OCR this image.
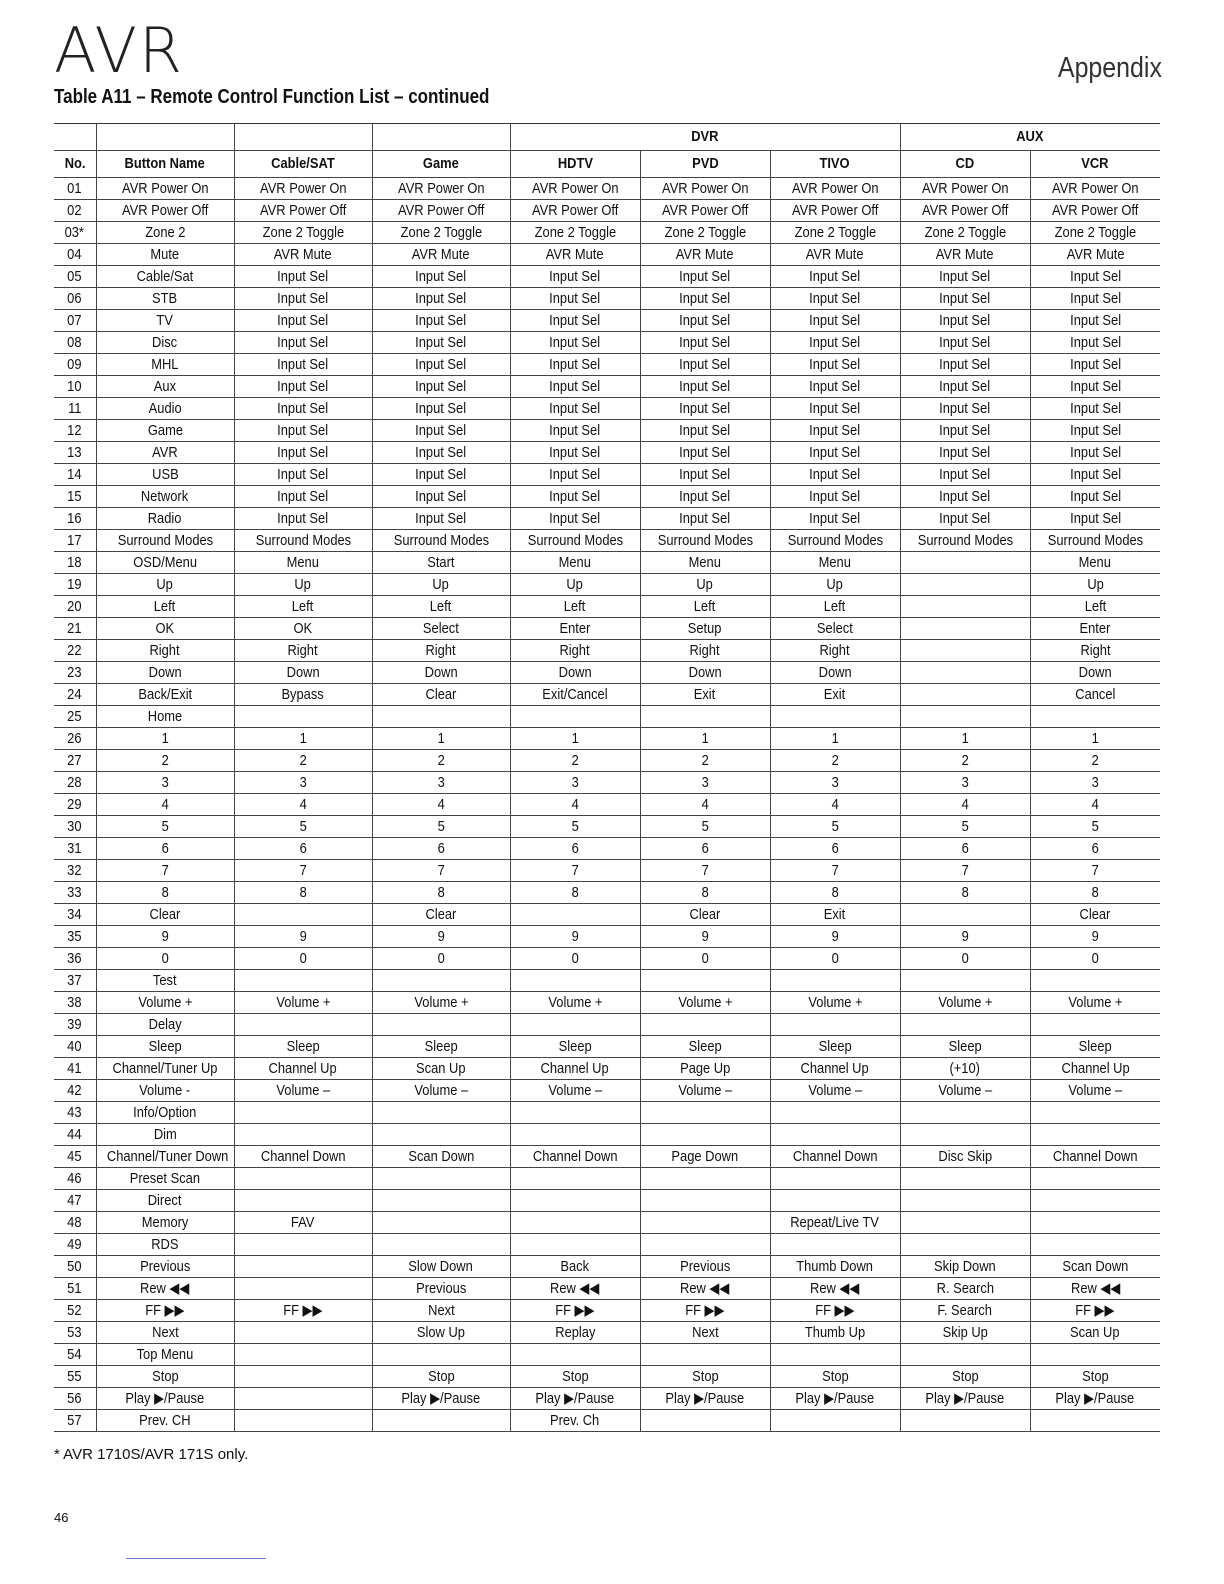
AVR	Appendix
Table A11 – Remote Control Function List – continued
				DVR			AUX	
No.	Button Name	Cable/SAT	Game	HDTV	PVD	TIVO	CD	VCR
01	AVR Power On	AVR Power On	AVR Power On	AVR Power On	AVR Power On	AVR Power On	AVR Power On	AVR Power On
02	AVR Power Off	AVR Power Off	AVR Power Off	AVR Power Off	AVR Power Off	AVR Power Off	AVR Power Off	AVR Power Off
03*	Zone 2	Zone 2 Toggle	Zone 2 Toggle	Zone 2 Toggle	Zone 2 Toggle	Zone 2 Toggle	Zone 2 Toggle	Zone 2 Toggle
04	Mute	AVR Mute	AVR Mute	AVR Mute	AVR Mute	AVR Mute	AVR Mute	AVR Mute
05	Cable/Sat	Input Sel	Input Sel	Input Sel	Input Sel	Input Sel	Input Sel	Input Sel
06	STB	Input Sel	Input Sel	Input Sel	Input Sel	Input Sel	Input Sel	Input Sel
07	TV	Input Sel	Input Sel	Input Sel	Input Sel	Input Sel	Input Sel	Input Sel
08	Disc	Input Sel	Input Sel	Input Sel	Input Sel	Input Sel	Input Sel	Input Sel
09	MHL	Input Sel	Input Sel	Input Sel	Input Sel	Input Sel	Input Sel	Input Sel
10	Aux	Input Sel	Input Sel	Input Sel	Input Sel	Input Sel	Input Sel	Input Sel
11	Audio	Input Sel	Input Sel	Input Sel	Input Sel	Input Sel	Input Sel	Input Sel
12	Game	Input Sel	Input Sel	Input Sel	Input Sel	Input Sel	Input Sel	Input Sel
13	AVR	Input Sel	Input Sel	Input Sel	Input Sel	Input Sel	Input Sel	Input Sel
14	USB	Input Sel	Input Sel	Input Sel	Input Sel	Input Sel	Input Sel	Input Sel
15	Network	Input Sel	Input Sel	Input Sel	Input Sel	Input Sel	Input Sel	Input Sel
16	Radio	Input Sel	Input Sel	Input Sel	Input Sel	Input Sel	Input Sel	Input Sel
17	Surround Modes	Surround Modes	Surround Modes	Surround Modes	Surround Modes	Surround Modes	Surround Modes	Surround Modes
18	OSD/Menu	Menu	Start	Menu	Menu	Menu		Menu
19	Up	Up	Up	Up	Up	Up		Up
20	Left	Left	Left	Left	Left	Left		Left
21	OK	OK	Select	Enter	Setup	Select		Enter
22	Right	Right	Right	Right	Right	Right		Right
23	Down	Down	Down	Down	Down	Down		Down
24	Back/Exit	Bypass	Clear	Exit/Cancel	Exit	Exit		Cancel
25	Home							
26	1	1	1	1	1	1	1	1
27	2	2	2	2	2	2	2	2
28	3	3	3	3	3	3	3	3
29	4	4	4	4	4	4	4	4
30	5	5	5	5	5	5	5	5
31	6	6	6	6	6	6	6	6
32	7	7	7	7	7	7	7	7
33	8	8	8	8	8	8	8	8
34	Clear		Clear		Clear	Exit		Clear
35	9	9	9	9	9	9	9	9
36	0	0	0	0	0	0	0	0
37	Test							
38	Volume +	Volume +	Volume +	Volume +	Volume +	Volume +	Volume +	Volume +
39	Delay							
40	Sleep	Sleep	Sleep	Sleep	Sleep	Sleep	Sleep	Sleep
41	Channel/Tuner Up	Channel Up	Scan Up	Channel Up	Page Up	Channel Up	(+10)	Channel Up
42	Volume -	Volume –	Volume –	Volume –	Volume –	Volume –	Volume –	Volume –
43	Info/Option							
44	Dim							
45	Channel/Tuner Down	Channel Down	Scan Down	Channel Down	Page Down	Channel Down	Disc Skip	Channel Down
46	Preset Scan							
47	Direct							
48	Memory	FAV				Repeat/Live TV		
49	RDS							
50	Previous		Slow Down	Back	Previous	Thumb Down	Skip Down	Scan Down
51	Rew ◀◀		Previous	Rew ◀◀	Rew ◀◀	Rew ◀◀	R. Search	Rew ◀◀
52	FF ▶▶	FF ▶▶	Next	FF ▶▶	FF ▶▶	FF ▶▶	F. Search	FF ▶▶
53	Next		Slow Up	Replay	Next	Thumb Up	Skip Up	Scan Up
54	Top Menu							
55	Stop		Stop	Stop	Stop	Stop	Stop	Stop
56	Play ▶/Pause		Play ▶/Pause	Play ▶/Pause	Play ▶/Pause	Play ▶/Pause	Play ▶/Pause	Play ▶/Pause
57	Prev. CH			Prev. Ch				
* AVR 1710S/AVR 171S only.
46
